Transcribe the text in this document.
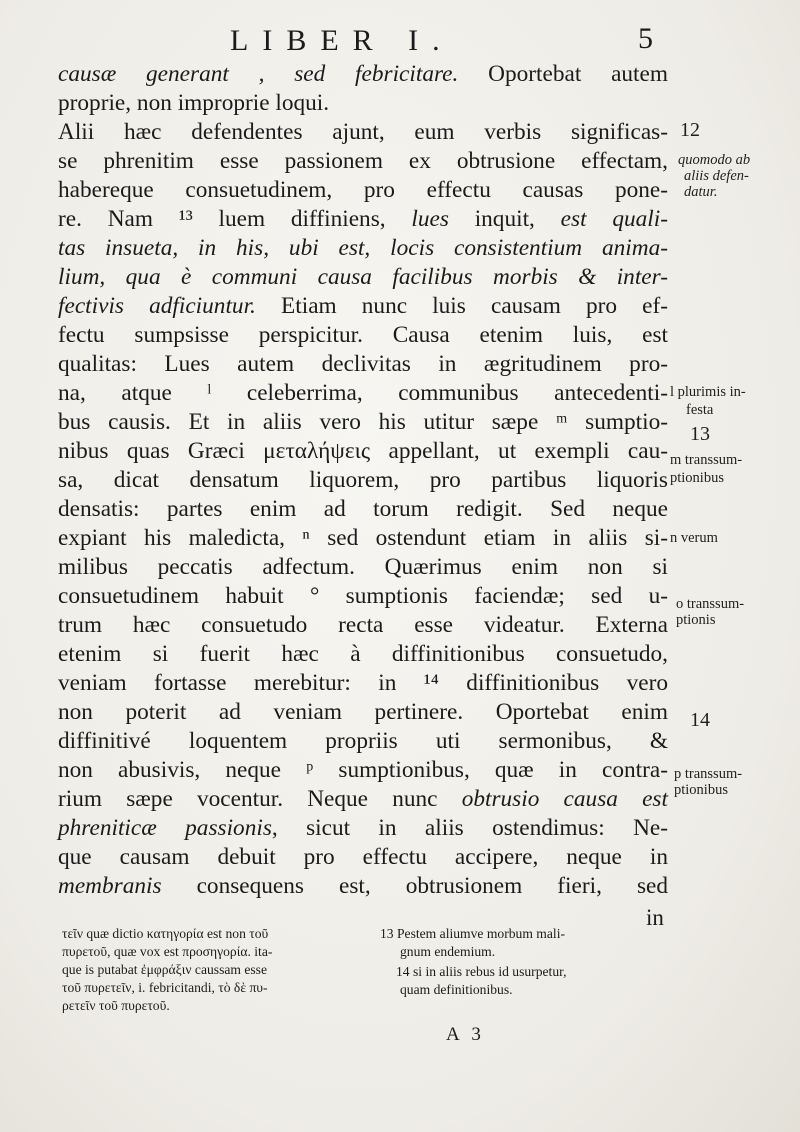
LIBER I.	5
causæ generant , sed febricitare. Oportebat autem
proprie, non improprie loqui.
Alii hæc defendentes ajunt, eum verbis significas-
se phrenitim esse passionem ex obtrusione effectam,
habereque consuetudinem, pro effectu causas pone-
re. Nam ¹³ luem diffiniens, lues inquit, est quali-
tas insueta, in his, ubi est, locis consistentium anima-
lium, qua è communi causa facilibus morbis & inter-
fectivis adficiuntur. Etiam nunc luis causam pro ef-
fectu sumpsisse perspicitur. Causa etenim luis, est
qualitas: Lues autem declivitas in ægritudinem pro-
na, atque ˡ celeberrima, communibus antecedenti-
bus causis. Et in aliis vero his utitur sæpe ᵐ sumptio-
nibus quas Græci μεταλήψεις appellant, ut exempli cau-
sa, dicat densatum liquorem, pro partibus liquoris
densatis: partes enim ad torum redigit. Sed neque
expiant his maledicta, ⁿ sed ostendunt etiam in aliis si-
milibus peccatis adfectum. Quærimus enim non si
consuetudinem habuit ° sumptionis faciendæ; sed u-
trum hæc consuetudo recta esse videatur. Externa
etenim si fuerit hæc à diffinitionibus consuetudo,
veniam fortasse merebitur: in ¹⁴ diffinitionibus vero
non poterit ad veniam pertinere. Oportebat enim
diffinitivé loquentem propriis uti sermonibus, &
non abusivis, neque ᵖ sumptionibus, quæ in contra-
rium sæpe vocentur. Neque nunc obtrusio causa est
phreniticæ passionis, sicut in aliis ostendimus: Ne-
que causam debuit pro effectu accipere, neque in
membranis consequens est, obtrusionem fieri, sed
in
12
quomodo ab
aliis defen-
datur.
l plurimis in-
festa
13
m transsum-
ptionibus
n verum
o transsum-
ptionis
14
p transsum-
ptionibus
τεῖν quæ dictio κατηγορία est non τοῦ
πυρετοῦ, quæ vox est προσηγορία. ita-
que is putabat ἐμφράξιν caussam esse
τοῦ πυρετεῖν, i. febricitandi, τὸ δὲ πυ-
ρετεῖν τοῦ πυρετοῦ.
13 Pestem aliumve morbum mali-
gnum endemium.
14 si in aliis rebus id usurpetur,
quam definitionibus.
A 3
